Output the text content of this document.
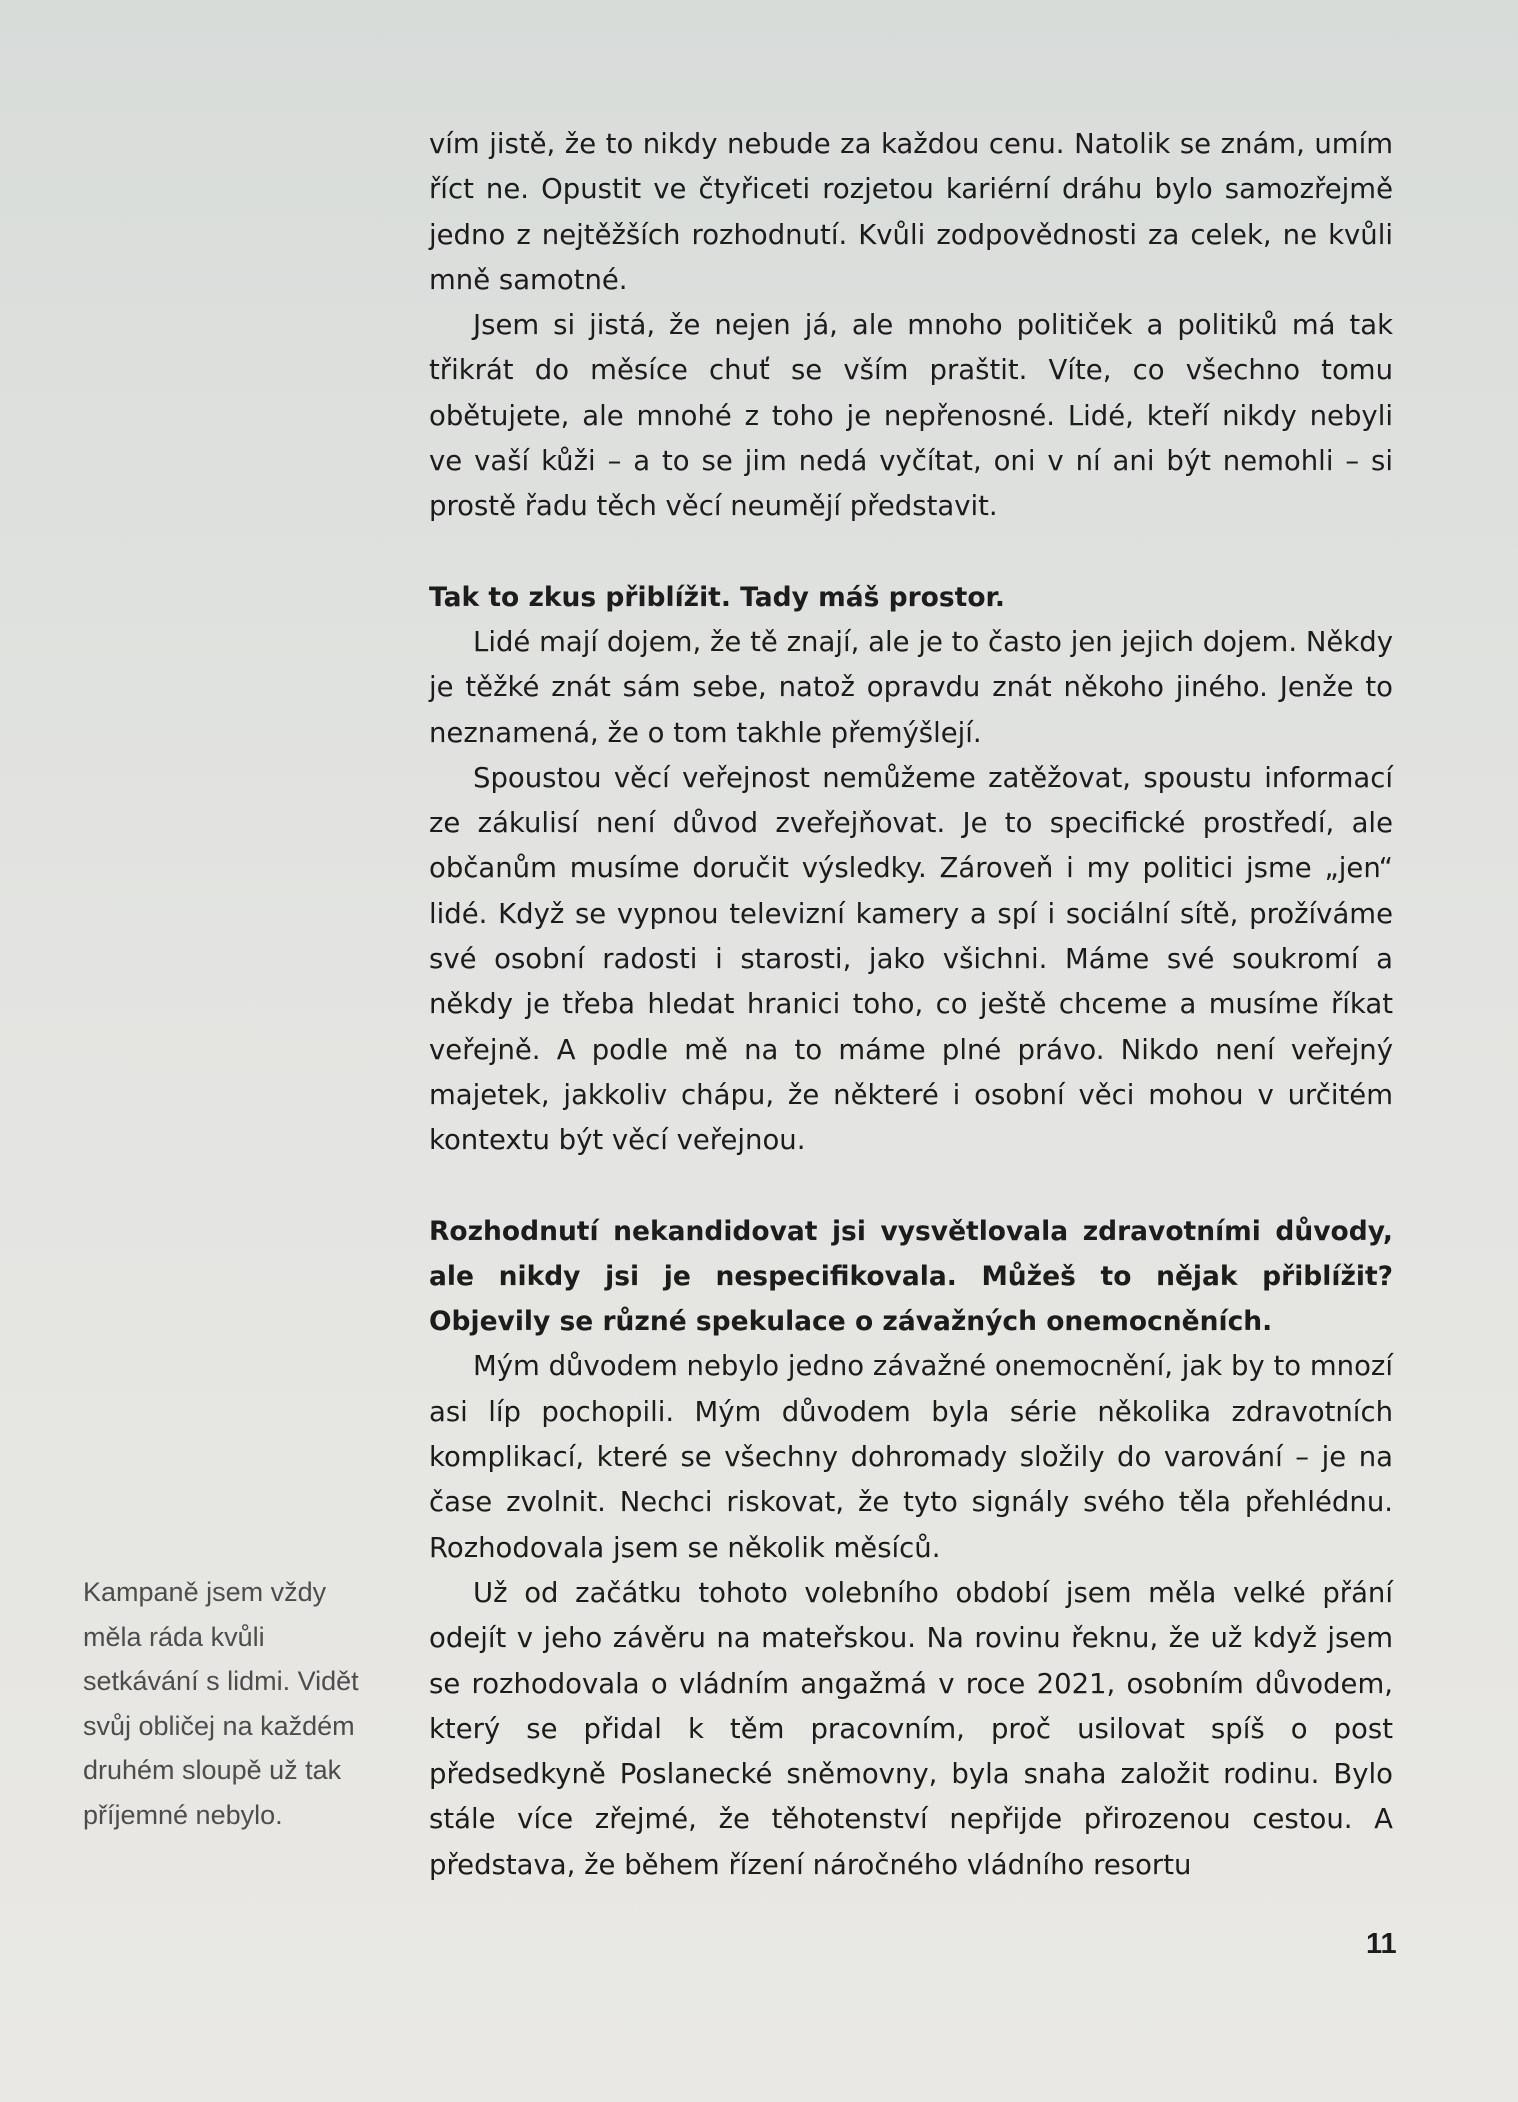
vím jistě, že to nikdy nebude za každou cenu. Natolik se znám, umím říct ne. Opustit ve čtyřiceti rozjetou kariérní dráhu bylo samozřejmě jedno z nejtěžších rozhodnutí. Kvůli zodpovědnosti za celek, ne kvůli mně samotné.

Jsem si jistá, že nejen já, ale mnoho političek a politiků má tak třikrát do měsíce chuť se vším praštit. Víte, co všechno tomu obětujete, ale mnohé z toho je nepřenosné. Lidé, kteří nikdy nebyli ve vaší kůži – a to se jim nedá vyčítat, oni v ní ani být nemohli – si prostě řadu těch věcí neumějí představit.

Tak to zkus přiblížit. Tady máš prostor.

Lidé mají dojem, že tě znají, ale je to často jen jejich dojem. Někdy je těžké znát sám sebe, natož opravdu znát někoho jiného. Jenže to neznamená, že o tom takhle přemýšlejí.

Spoustou věcí veřejnost nemůžeme zatěžovat, spoustu informací ze zákulisí není důvod zveřejňovat. Je to specifické prostředí, ale občanům musíme doručit výsledky. Zároveň i my politici jsme „jen“ lidé. Když se vypnou televizní kamery a spí i sociální sítě, prožíváme své osobní radosti i starosti, jako všichni. Máme své soukromí a někdy je třeba hledat hranici toho, co ještě chceme a musíme říkat veřejně. A podle mě na to máme plné právo. Nikdo není veřejný majetek, jakkoliv chápu, že některé i osobní věci mohou v určitém kontextu být věcí veřejnou.

Rozhodnutí nekandidovat jsi vysvětlovala zdravotními důvody, ale nikdy jsi je nespecifikovala. Můžeš to nějak přiblížit? Objevily se různé spekulace o závažných onemocněních.

Mým důvodem nebylo jedno závažné onemocnění, jak by to mnozí asi líp pochopili. Mým důvodem byla série několika zdravotních komplikací, které se všechny dohromady složily do varování – je na čase zvolnit. Nechci riskovat, že tyto signály svého těla přehlédnu. Rozhodovala jsem se několik měsíců.

Už od začátku tohoto volebního období jsem měla velké přání odejít v jeho závěru na mateřskou. Na rovinu řeknu, že už když jsem se rozhodovala o vládním angažmá v roce 2021, osobním důvodem, který se přidal k těm pracovním, proč usilovat spíš o post předsedkyně Poslanecké sněmovny, byla snaha založit rodinu. Bylo stále více zřejmé, že těhotenství nepřijde přirozenou cestou. A představa, že během řízení náročného vládního resortu

Kampaně jsem vždy

měla ráda kvůli

setkávání s lidmi. Vidět

svůj obličej na každém

druhém sloupě už tak

příjemné nebylo.

11
